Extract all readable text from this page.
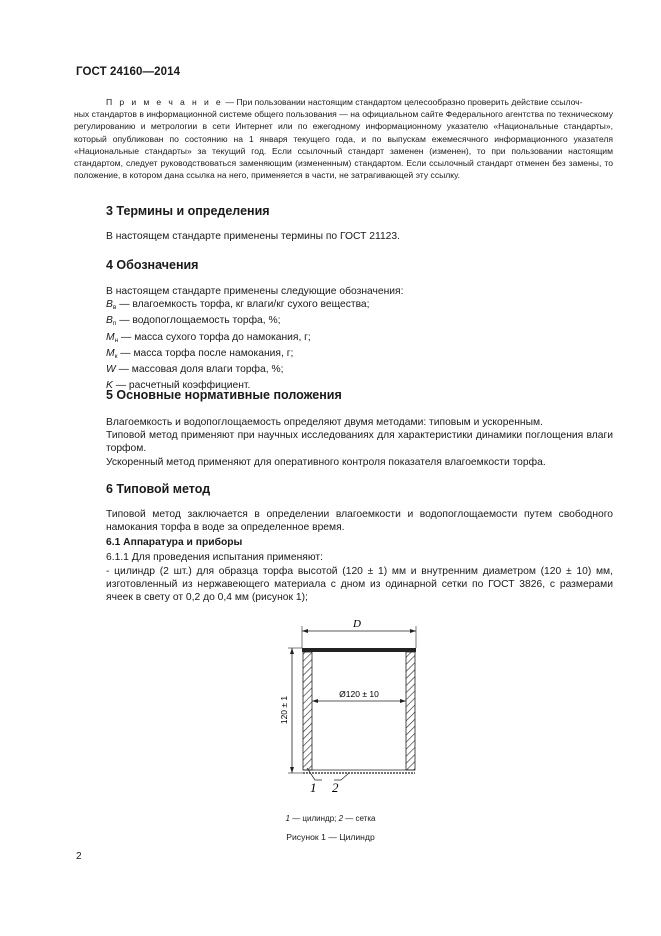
ГОСТ 24160—2014

П р и м е ч а н и е — При пользовании настоящим стандартом целесообразно проверить действие ссылоч-

ных стандартов в информационной системе общего пользования — на официальном сайте Федерального агентства по техническому регулированию и метрологии в сети Интернет или по ежегодному информационному указателю «Национальные стандарты», который опубликован по состоянию на 1 января текущего года, и по выпускам ежемесячного информационного указателя «Национальные стандарты» за текущий год. Если ссылочный стандарт заменен (изменен), то при пользовании настоящим стандартом, следует руководствоваться заменяющим (измененным) стандартом. Если ссылочный стандарт отменен без замены, то положение, в котором дана ссылка на него, применяется в части, не затрагивающей эту ссылку.

3 Термины и определения
В настоящем стандарте применены термины по ГОСТ 21123.
4 Обозначения

В настоящем стандарте применены следующие обозначения:

$B_в$ — влагоемкость торфа, кг влаги/кг сухого вещества;

$B_п$ — водопоглощаемость торфа, %;

$M_н$ — масса сухого торфа до намокания, г;

$M_к$ — масса торфа после намокания, г;

W — массовая доля влаги торфа, %;

K — расчетный коэффициент.

5 Основные нормативные положения

Влагоемкость и водопоглощаемость определяют двумя методами: типовым и ускоренным.

Типовой метод применяют при научных исследованиях для характеристики динамики поглощения влаги торфом.

Ускоренный метод применяют для оперативного контроля показателя влагоемкости торфа.

6 Типовой метод
Типовой метод заключается в определении влагоемкости и водопоглощаемости путем свободного намокания торфа в воде за определенное время.
6.1 Аппаратура и приборы
6.1.1 Для проведения испытания применяют:
- цилиндр (2 шт.) для образца торфа высотой (120 ± 1) мм и внутренним диаметром (120 ± 10) мм, изготовленный из нержавеющего материала с дном из одинарной сетки по ГОСТ 3826, с размерами ячеек в свету от 0,2 до 0,4 мм (рисунок 1);
D
Ø120 ± 10
120 ± 1
1 2
1 — цилиндр; 2 — сетка
Рисунок 1 — Цилиндр
2
